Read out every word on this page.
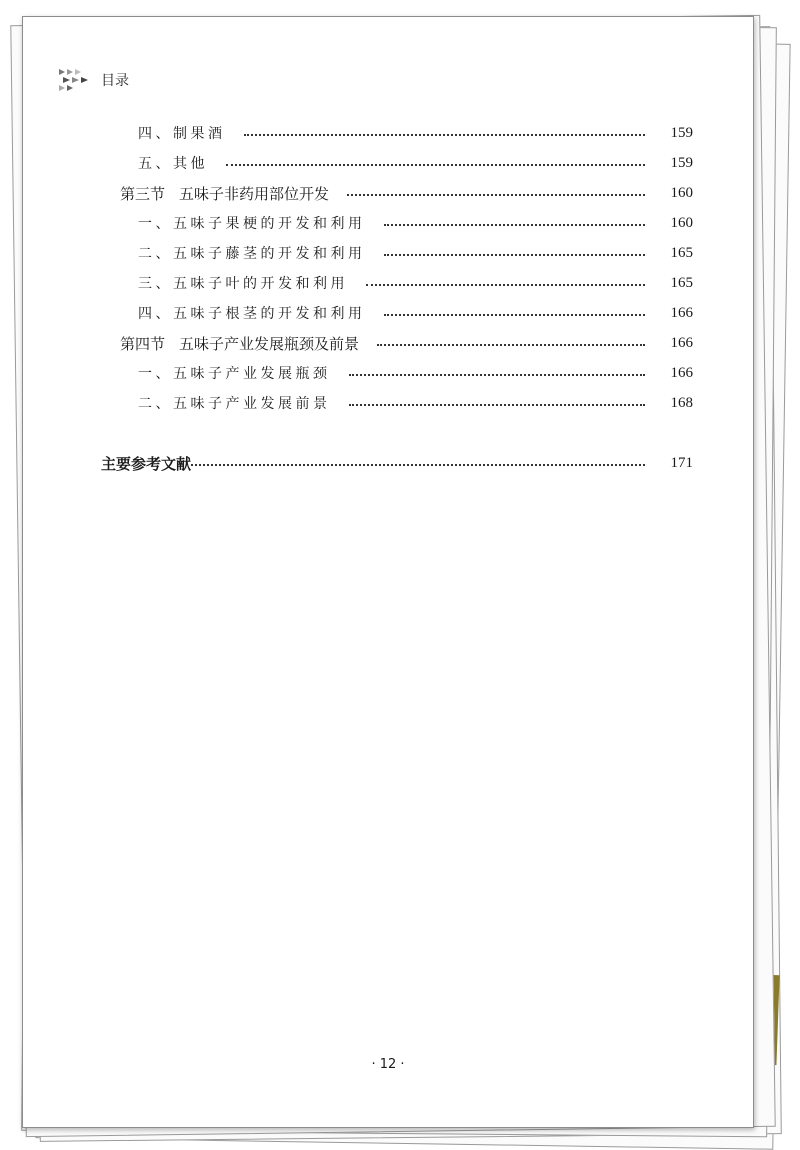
目录
四、制果酒	159
五、其他	159
第三节 五味子非药用部位开发	160
一、五味子果梗的开发和利用	160
二、五味子藤茎的开发和利用	165
三、五味子叶的开发和利用	165
四、五味子根茎的开发和利用	166
第四节 五味子产业发展瓶颈及前景	166
一、五味子产业发展瓶颈	166
二、五味子产业发展前景	168
主要参考文献	171
· 12 ·
